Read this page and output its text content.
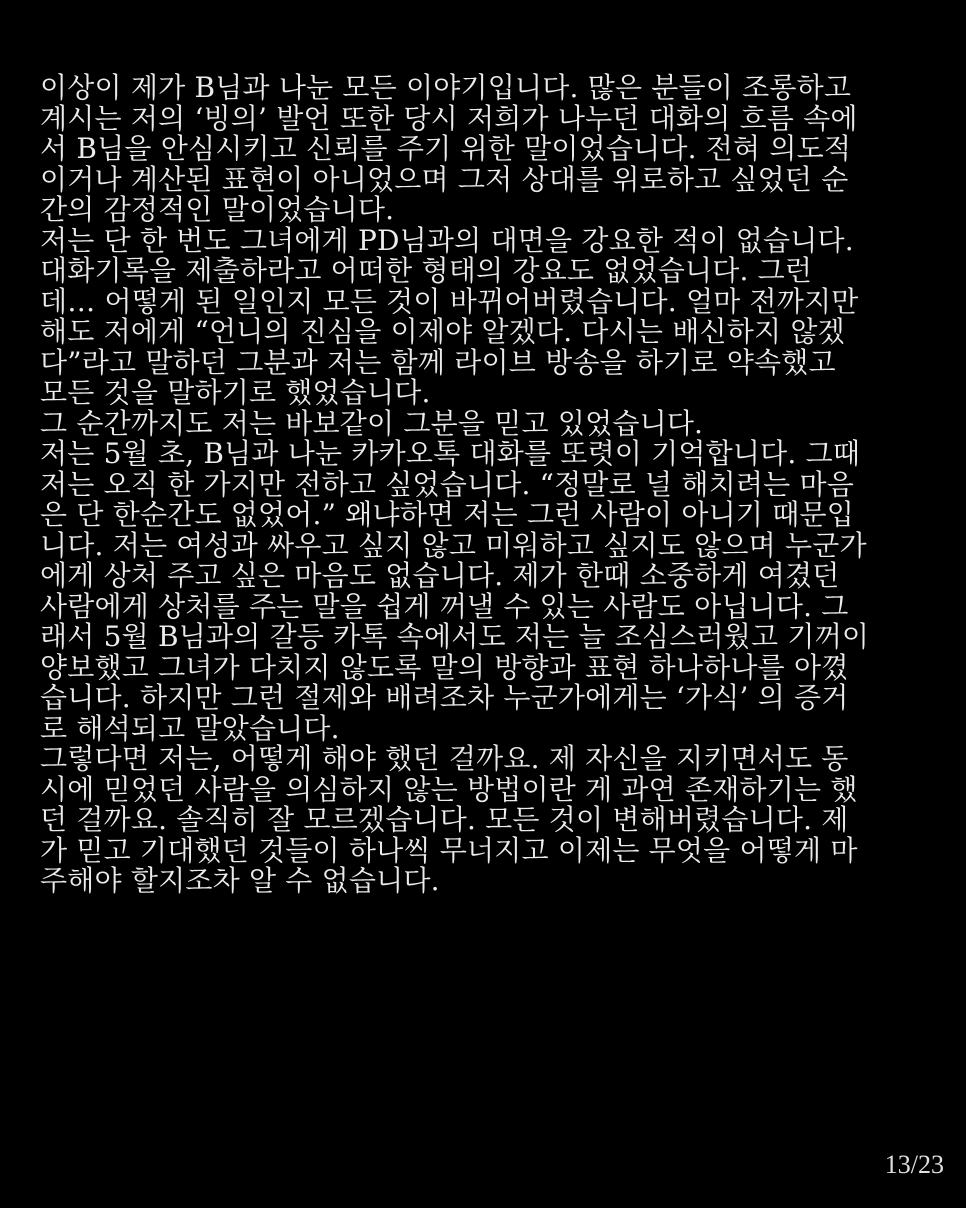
이상이 제가 B님과 나눈 모든 이야기입니다. 많은 분들이 조롱하고
계시는 저의 ‘빙의’ 발언 또한 당시 저희가 나누던 대화의 흐름 속에
서 B님을 안심시키고 신뢰를 주기 위한 말이었습니다. 전혀 의도적
이거나 계산된 표현이 아니었으며 그저 상대를 위로하고 싶었던 순
간의 감정적인 말이었습니다.
저는 단 한 번도 그녀에게 PD님과의 대면을 강요한 적이 없습니다.
대화기록을 제출하라고 어떠한 형태의 강요도 없었습니다. 그런
데… 어떻게 된 일인지 모든 것이 바뀌어버렸습니다. 얼마 전까지만
해도 저에게 “언니의 진심을 이제야 알겠다. 다시는 배신하지 않겠
다”라고 말하던 그분과 저는 함께 라이브 방송을 하기로 약속했고
모든 것을 말하기로 했었습니다.
그 순간까지도 저는 바보같이 그분을 믿고 있었습니다.
저는 5월 초, B님과 나눈 카카오톡 대화를 또렷이 기억합니다. 그때
저는 오직 한 가지만 전하고 싶었습니다. “정말로 널 해치려는 마음
은 단 한순간도 없었어.” 왜냐하면 저는 그런 사람이 아니기 때문입
니다. 저는 여성과 싸우고 싶지 않고 미워하고 싶지도 않으며 누군가
에게 상처 주고 싶은 마음도 없습니다. 제가 한때 소중하게 여겼던
사람에게 상처를 주는 말을 쉽게 꺼낼 수 있는 사람도 아닙니다. 그
래서 5월 B님과의 갈등 카톡 속에서도 저는 늘 조심스러웠고 기꺼이
양보했고 그녀가 다치지 않도록 말의 방향과 표현 하나하나를 아꼈
습니다. 하지만 그런 절제와 배려조차 누군가에게는 ‘가식’ 의 증거
로 해석되고 말았습니다.
그렇다면 저는, 어떻게 해야 했던 걸까요. 제 자신을 지키면서도 동
시에 믿었던 사람을 의심하지 않는 방법이란 게 과연 존재하기는 했
던 걸까요. 솔직히 잘 모르겠습니다. 모든 것이 변해버렸습니다. 제
가 믿고 기대했던 것들이 하나씩 무너지고 이제는 무엇을 어떻게 마
주해야 할지조차 알 수 없습니다.
13/23
